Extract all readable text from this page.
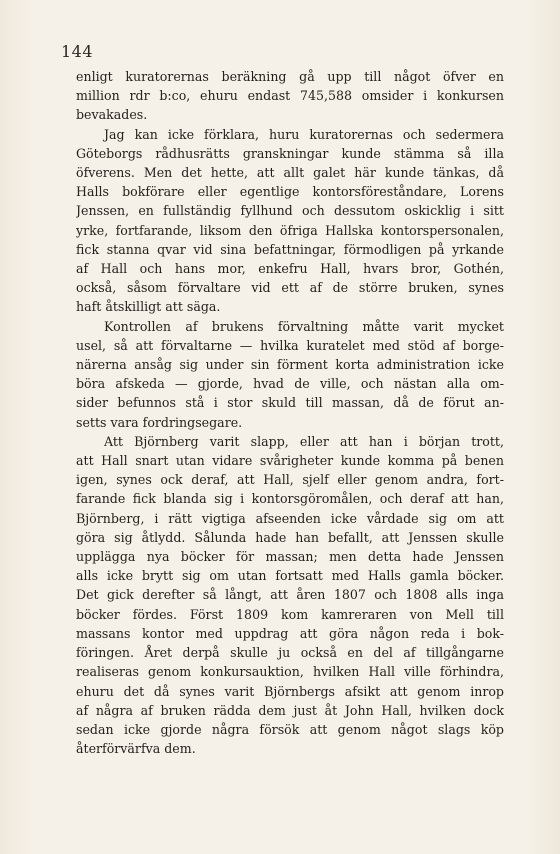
144
enligt kuratorernas beräkning gå upp till något öfver en
million rdr b:co, ehuru endast 745,588 omsider i konkursen
bevakades.
Jag kan icke förklara, huru kuratorernas och sedermera
Göteborgs rådhusrätts granskningar kunde stämma så illa
öfverens. Men det hette, att allt galet här kunde tänkas, då
Halls bokförare eller egentlige kontorsföreståndare, Lorens
Jenssen, en fullständig fyllhund och dessutom oskicklig i sitt
yrke, fortfarande, liksom den öfriga Hallska kontorspersonalen,
fick stanna qvar vid sina befattningar, förmodligen på yrkande
af Hall och hans mor, enkefru Hall, hvars bror, Gothén,
också, såsom förvaltare vid ett af de större bruken, synes
haft åtskilligt att säga.
Kontrollen af brukens förvaltning måtte varit mycket
usel, så att förvaltarne — hvilka kuratelet med stöd af borge-
närerna ansåg sig under sin förment korta administration icke
böra afskeda — gjorde, hvad de ville, och nästan alla om-
sider befunnos stå i stor skuld till massan, då de förut an-
setts vara fordringsegare.
Att Björnberg varit slapp, eller att han i början trott,
att Hall snart utan vidare svårigheter kunde komma på benen
igen, synes ock deraf, att Hall, sjelf eller genom andra, fort-
farande fick blanda sig i kontorsgöromålen, och deraf att han,
Björnberg, i rätt vigtiga afseenden icke vårdade sig om att
göra sig åtlydd. Sålunda hade han befallt, att Jenssen skulle
upplägga nya böcker för massan; men detta hade Jenssen
alls icke brytt sig om utan fortsatt med Halls gamla böcker.
Det gick derefter så långt, att åren 1807 och 1808 alls inga
böcker fördes. Först 1809 kom kamreraren von Mell till
massans kontor med uppdrag att göra någon reda i bok-
föringen. Året derpå skulle ju också en del af tillgångarne
realiseras genom konkursauktion, hvilken Hall ville förhindra,
ehuru det då synes varit Björnbergs afsikt att genom inrop
af några af bruken rädda dem just åt John Hall, hvilken dock
sedan icke gjorde några försök att genom något slags köp
återförvärfva dem.
